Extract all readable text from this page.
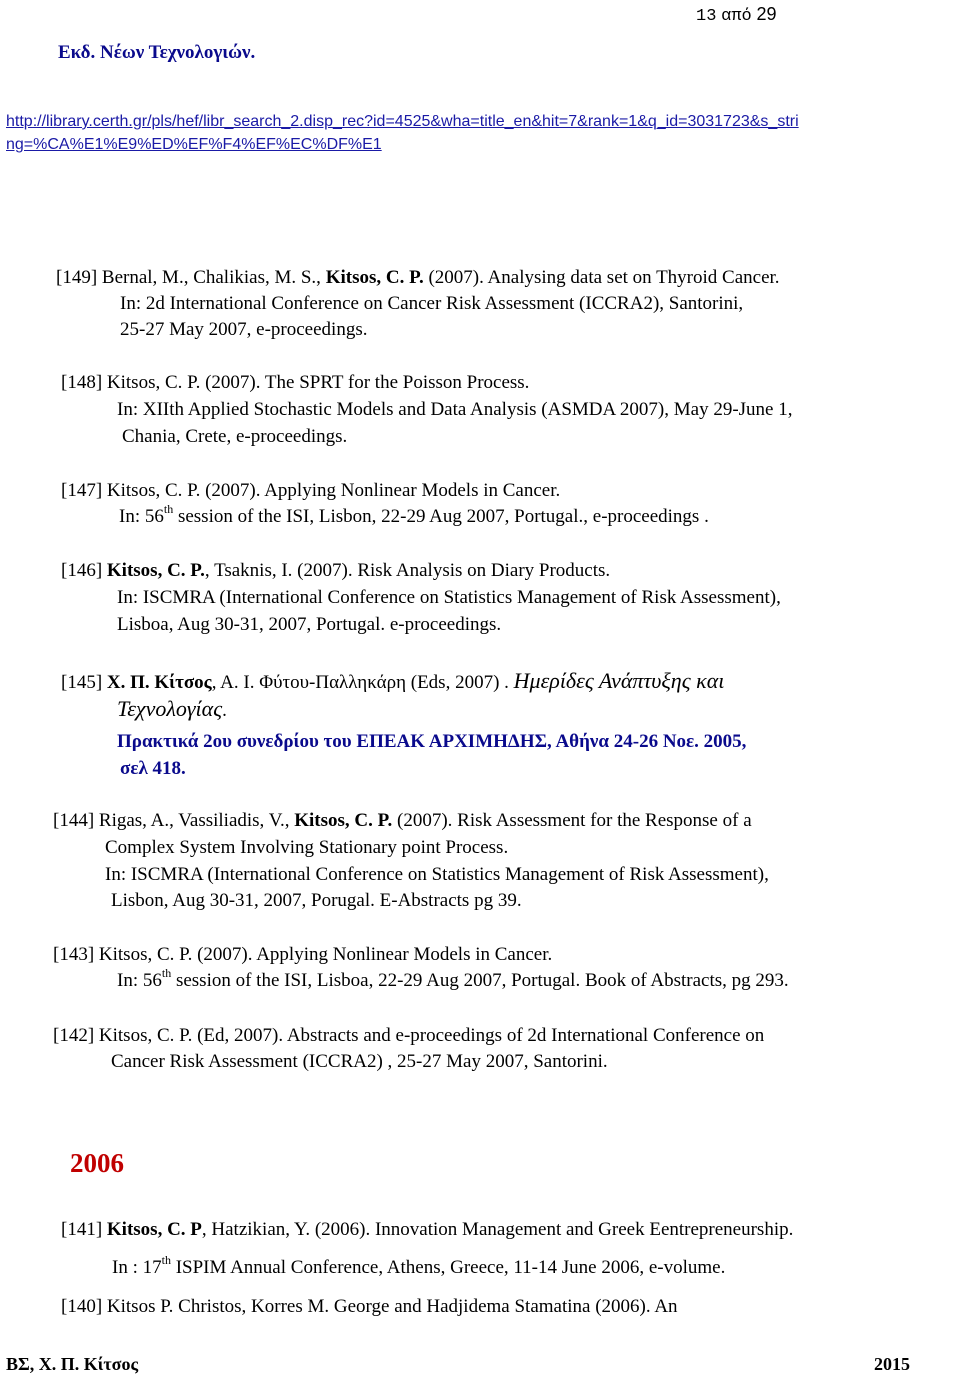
13 από 29
Εκδ. Νέων Τεχνολογιών.
http://library.certh.gr/pls/hef/libr_search_2.disp_rec?id=4525&wha=title_en&hit=7&rank=1&q_id=3031723&s_stri
ng=%CA%E1%E9%ED%EF%F4%EF%EC%DF%E1
[149] Bernal, M., Chalikias, M. S., Kitsos, C. P. (2007). Analysing data set on Thyroid Cancer.
In: 2d International Conference on Cancer Risk Assessment (ICCRA2), Santorini,
25-27 May 2007, e-proceedings.
[148] Kitsos, C. P. (2007). The SPRT for the Poisson Process.
In: XIIth Applied Stochastic Models and Data Analysis (ASMDA 2007), May 29-June 1,
Chania, Crete, e-proceedings.
[147] Kitsos, C. P. (2007). Applying Nonlinear Models in Cancer.
In: 56th session of the ISI, Lisbon, 22-29 Aug 2007, Portugal., e-proceedings .
[146] Kitsos, C. P., Tsaknis, I. (2007). Risk Analysis on Diary Products.
In: ISCMRA (International Conference on Statistics Management of Risk Assessment),
Lisboa, Aug 30-31, 2007, Portugal. e-proceedings.
[145] Χ. Π. Κίτσος, Α. Ι. Φύτου-Παλληκάρη (Eds, 2007) . Ημερίδες Ανάπτυξης και
Τεχνολογίας.
Πρακτικά 2ου συνεδρίου του ΕΠΕΑΚ ΑΡΧΙΜΗΔΗΣ, Αθήνα 24-26 Νοε. 2005,
σελ 418.
[144] Rigas, A., Vassiliadis, V., Kitsos, C. P. (2007). Risk Assessment for the Response of a
Complex System Involving Stationary point Process.
In: ISCMRA (International Conference on Statistics Management of Risk Assessment),
Lisbon, Aug 30-31, 2007, Porugal. E-Abstracts pg 39.
[143] Kitsos, C. P. (2007). Applying Nonlinear Models in Cancer.
In: 56th session of the ISI, Lisboa, 22-29 Aug 2007, Portugal. Book of Abstracts, pg 293.
[142] Kitsos, C. P. (Ed, 2007). Abstracts and e-proceedings of 2d International Conference on
Cancer Risk Assessment (ICCRA2) , 25-27 May 2007, Santorini.
2006
[141] Kitsos, C. P, Hatzikian, Y. (2006). Innovation Management and Greek Eentrepreneurship.
In : 17th ISPIM Annual Conference, Athens, Greece, 11-14 June 2006, e-volume.
[140] Kitsos P. Christos, Korres M. George and Hadjidema Stamatina (2006). An
ΒΣ, Χ. Π. Κίτσος	2015
